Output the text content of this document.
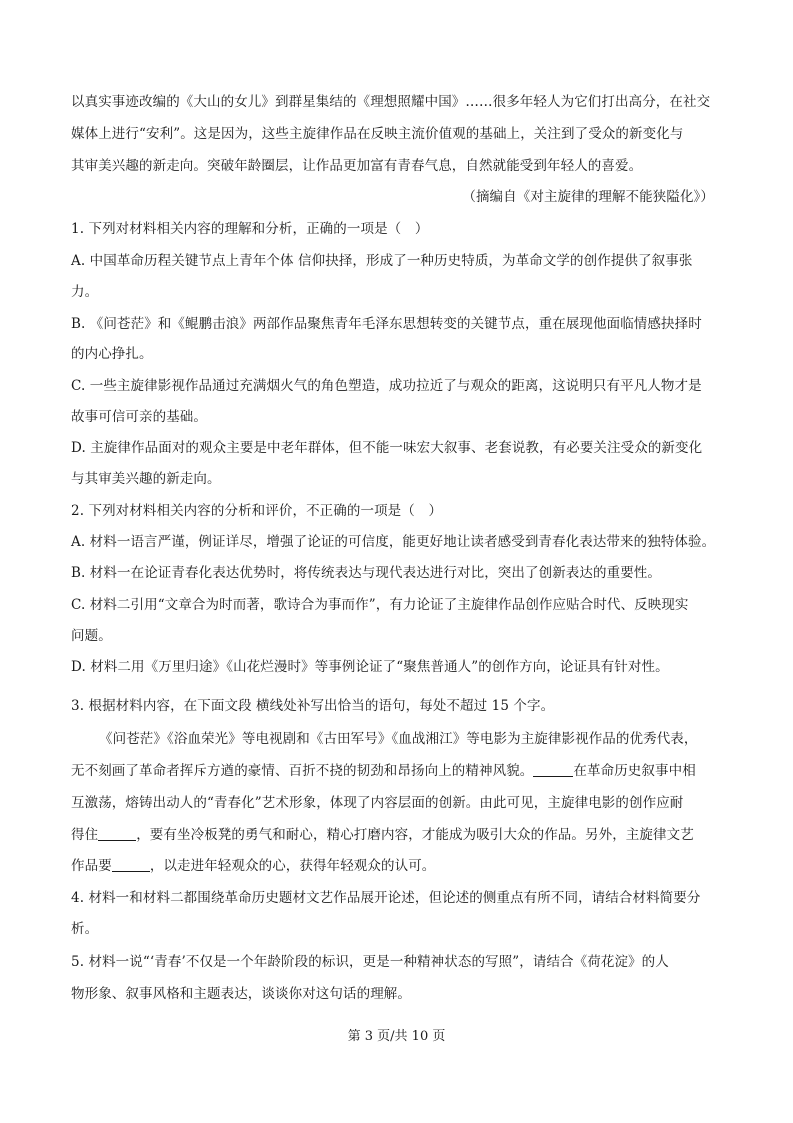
以真实事迹改编的《大山的女儿》到群星集结的《理想照耀中国》……很多年轻人为它们打出高分，在社交
媒体上进行“安利”。这是因为，这些主旋律作品在反映主流价值观的基础上，关注到了受众的新变化与
其审美兴趣的新走向。突破年龄圈层，让作品更加富有青春气息，自然就能受到年轻人的喜爱。
（摘编自《对主旋律的理解不能狭隘化》）
1. 下列对材料相关内容的理解和分析，正确的一项是（　）
A. 中国革命历程关键节点上青年个体 信仰抉择，形成了一种历史特质，为革命文学的创作提供了叙事张
力。
B. 《问苍茫》和《鲲鹏击浪》两部作品聚焦青年毛泽东思想转变的关键节点，重在展现他面临情感抉择时
的内心挣扎。
C. 一些主旋律影视作品通过充满烟火气的角色塑造，成功拉近了与观众的距离，这说明只有平凡人物才是
故事可信可亲的基础。
D. 主旋律作品面对的观众主要是中老年群体，但不能一味宏大叙事、老套说教，有必要关注受众的新变化
与其审美兴趣的新走向。
2. 下列对材料相关内容的分析和评价，不正确的一项是（　）
A. 材料一语言严谨，例证详尽，增强了论证的可信度，能更好地让读者感受到青春化表达带来的独特体验。
B. 材料一在论证青春化表达优势时，将传统表达与现代表达进行对比，突出了创新表达的重要性。
C. 材料二引用“文章合为时而著，歌诗合为事而作”，有力论证了主旋律作品创作应贴合时代、反映现实
问题。
D. 材料二用《万里归途》《山花烂漫时》等事例论证了“聚焦普通人”的创作方向，论证具有针对性。
3. 根据材料内容，在下面文段 横线处补写出恰当的语句，每处不超过 15 个字。
《问苍茫》《浴血荣光》等电视剧和《古田军号》《血战湘江》等电影为主旋律影视作品的优秀代表，
无不刻画了革命者挥斥方遒的豪情、百折不挠的韧劲和昂扬向上的精神风貌。	在革命历史叙事中相
互激荡，熔铸出动人的“青春化”艺术形象，体现了内容层面的创新。由此可见，主旋律电影的创作应耐
得住	，要有坐冷板凳的勇气和耐心，精心打磨内容，才能成为吸引大众的作品。另外，主旋律文艺
作品要	，以走进年轻观众的心，获得年轻观众的认可。
4. 材料一和材料二都围绕革命历史题材文艺作品展开论述，但论述的侧重点有所不同，请结合材料简要分
析。
5. 材料一说“‘青春’不仅是一个年龄阶段的标识，更是一种精神状态的写照”，请结合《荷花淀》的人
物形象、叙事风格和主题表达，谈谈你对这句话的理解。
第 3 页/共 10 页
